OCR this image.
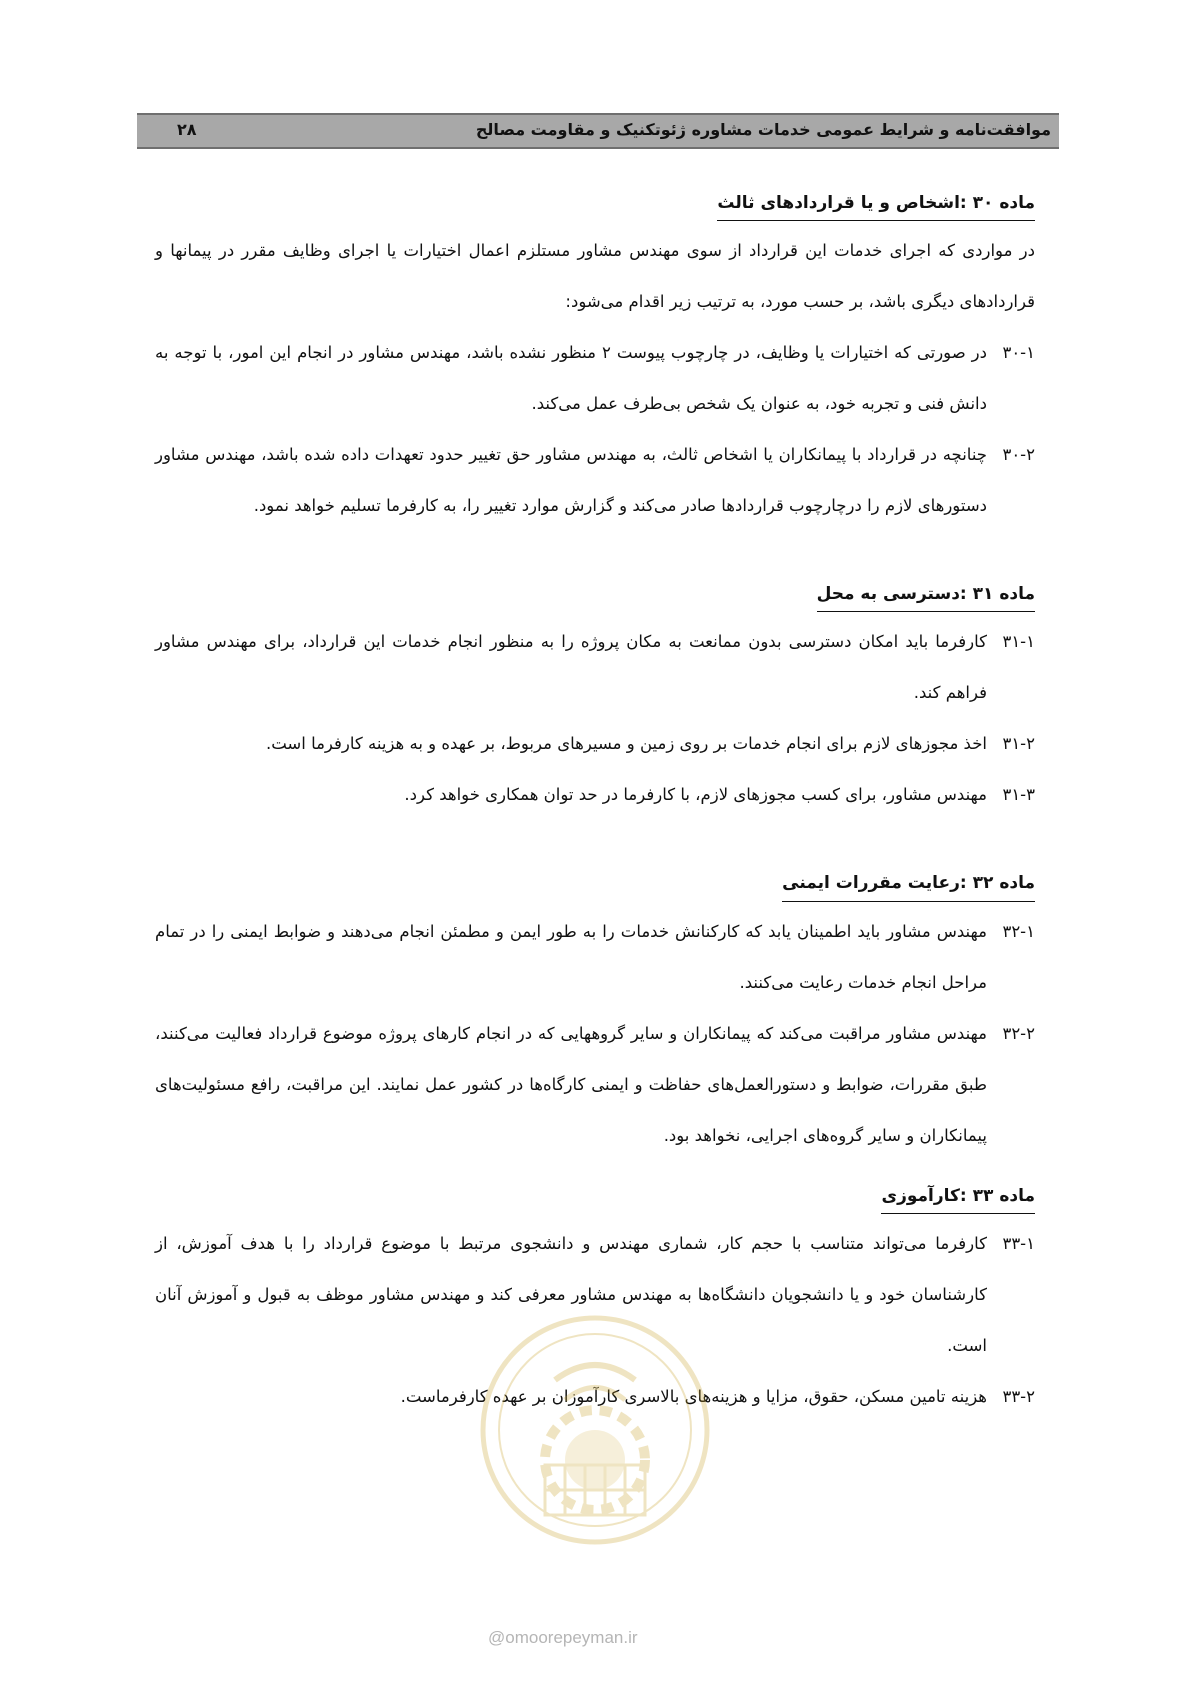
موافقت‌نامه و شرایط عمومی خدمات مشاوره ژئوتکنیک و مقاومت مصالح
۲۸
ماده ۳۰ :اشخاص و یا قراردادهای ثالث
در مواردی که اجرای خدمات این قرارداد از سوی مهندس مشاور مستلزم اعمال اختیارات یا اجرای وظایف مقرر در پیمانها و قراردادهای دیگری باشد، بر حسب مورد، به ترتیب زیر اقدام می‌شود:
۳۰-۱
در صورتی که اختیارات یا وظایف، در چارچوب پیوست ۲ منظور نشده باشد، مهندس مشاور در انجام این امور، با توجه به دانش فنی و تجربه خود، به عنوان یک شخص بی‌طرف عمل می‌کند.
۳۰-۲
چنانچه در قرارداد با پیمانکاران یا اشخاص ثالث، به مهندس مشاور حق تغییر حدود تعهدات داده شده باشد، مهندس مشاور دستورهای لازم را درچارچوب قراردادها صادر می‌کند و گزارش موارد تغییر را، به کارفرما تسلیم خواهد نمود.
ماده ۳۱ :دسترسی به محل
۳۱-۱
کارفرما باید امکان دسترسی بدون ممانعت به مکان پروژه را به منظور انجام خدمات این قرارداد، برای مهندس مشاور فراهم کند.
۳۱-۲
اخذ مجوزهای لازم برای انجام خدمات بر روی زمین و مسیرهای مربوط، بر عهده و به هزینه کارفرما است.
۳۱-۳
مهندس مشاور، برای کسب مجوزهای لازم، با کارفرما در حد توان همکاری خواهد کرد.
ماده ۳۲ :رعایت مقررات ایمنی
۳۲-۱
مهندس مشاور باید اطمینان یابد که کارکنانش خدمات را به طور ایمن و مطمئن انجام می‌دهند و ضوابط ایمنی را در تمام مراحل انجام خدمات رعایت می‌کنند.
۳۲-۲
مهندس مشاور مراقبت می‌کند که پیمانکاران و سایر گروههایی که در انجام کارهای پروژه موضوع قرارداد فعالیت می‌کنند، طبق مقررات، ضوابط و دستورالعمل‌های حفاظت و ایمنی کارگاه‌ها در کشور عمل نمایند. این مراقبت، رافع مسئولیت‌های پیمانکاران و سایر گروه‌های اجرایی، نخواهد بود.
ماده ۳۳ :کارآموزی
۳۳-۱
کارفرما می‌تواند متناسب با حجم کار، شماری مهندس و دانشجوی مرتبط با موضوع قرارداد را با هدف آموزش، از کارشناسان خود و یا دانشجویان دانشگاه‌ها به مهندس مشاور معرفی کند و مهندس مشاور موظف به قبول و آموزش آنان است.
۳۳-۲
هزینه تامین مسکن، حقوق، مزایا و هزینه‌های بالاسری کارآموزان بر عهده کارفرماست.
@omoorepeyman.ir
